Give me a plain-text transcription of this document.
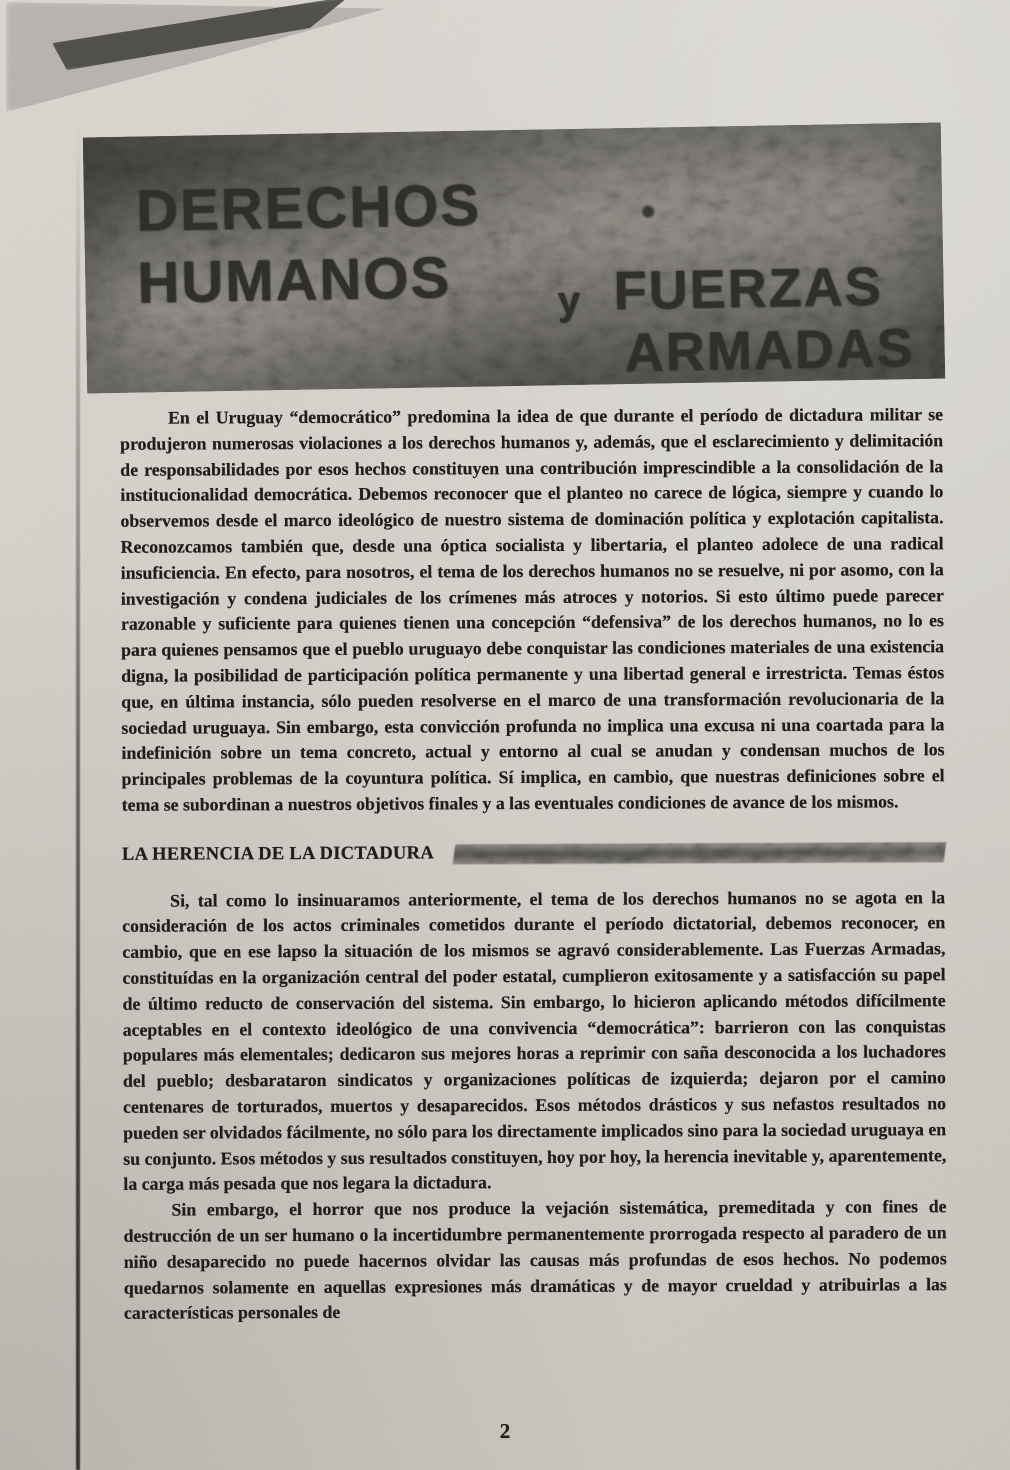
DERECHOS
HUMANOS	y FUERZAS
ARMADAS

En el Uruguay “democrático” predomina la idea de que durante el período de dictadura militar se produjeron numerosas violaciones a los derechos humanos y, además, que el esclarecimiento y delimitación de responsabilidades por esos hechos constituyen una contribución imprescindible a la consolidación de la institucionalidad democrática. Debemos reconocer que el planteo no carece de lógica, siempre y cuando lo observemos desde el marco ideológico de nuestro sistema de dominación política y explotación capitalista. Reconozcamos también que, desde una óptica socialista y libertaria, el planteo adolece de una radical insuficiencia. En efecto, para nosotros, el tema de los derechos humanos no se resuelve, ni por asomo, con la investigación y condena judiciales de los crímenes más atroces y notorios. Si esto último puede parecer razonable y suficiente para quienes tienen una concepción “defensiva” de los derechos humanos, no lo es para quienes pensamos que el pueblo uruguayo debe conquistar las condiciones materiales de una existencia digna, la posibilidad de participación política permanente y una libertad general e irrestricta. Temas éstos que, en última instancia, sólo pueden resolverse en el marco de una transformación revolucionaria de la sociedad uruguaya. Sin embargo, esta convicción profunda no implica una excusa ni una coartada para la indefinición sobre un tema concreto, actual y entorno al cual se anudan y condensan muchos de los principales problemas de la coyuntura política. Sí implica, en cambio, que nuestras definiciones sobre el tema se subordinan a nuestros objetivos finales y a las eventuales condiciones de avance de los mismos.

LA HERENCIA DE LA DICTADURA

Si, tal como lo insinuaramos anteriormente, el tema de los derechos humanos no se agota en la consideración de los actos criminales cometidos durante el período dictatorial, debemos reconocer, en cambio, que en ese lapso la situación de los mismos se agravó considerablemente. Las Fuerzas Armadas, constituídas en la organización central del poder estatal, cumplieron exitosamente y a satisfacción su papel de último reducto de conservación del sistema. Sin embargo, lo hicieron aplicando métodos difícilmente aceptables en el contexto ideológico de una convivencia “democrática”: barrieron con las conquistas populares más elementales; dedicaron sus mejores horas a reprimir con saña desconocida a los luchadores del pueblo; desbarataron sindicatos y organizaciones políticas de izquierda; dejaron por el camino centenares de torturados, muertos y desaparecidos. Esos métodos drásticos y sus nefastos resultados no pueden ser olvidados fácilmente, no sólo para los directamente implicados sino para la sociedad uruguaya en su conjunto. Esos métodos y sus resultados constituyen, hoy por hoy, la herencia inevitable y, aparentemente, la carga más pesada que nos legara la dictadura.

Sin embargo, el horror que nos produce la vejación sistemática, premeditada y con fines de destrucción de un ser humano o la incertidumbre permanentemente prorrogada respecto al paradero de un niño desaparecido no puede hacernos olvidar las causas más profundas de esos hechos. No podemos quedarnos solamente en aquellas expresiones más dramáticas y de mayor crueldad y atribuirlas a las características personales de

2
